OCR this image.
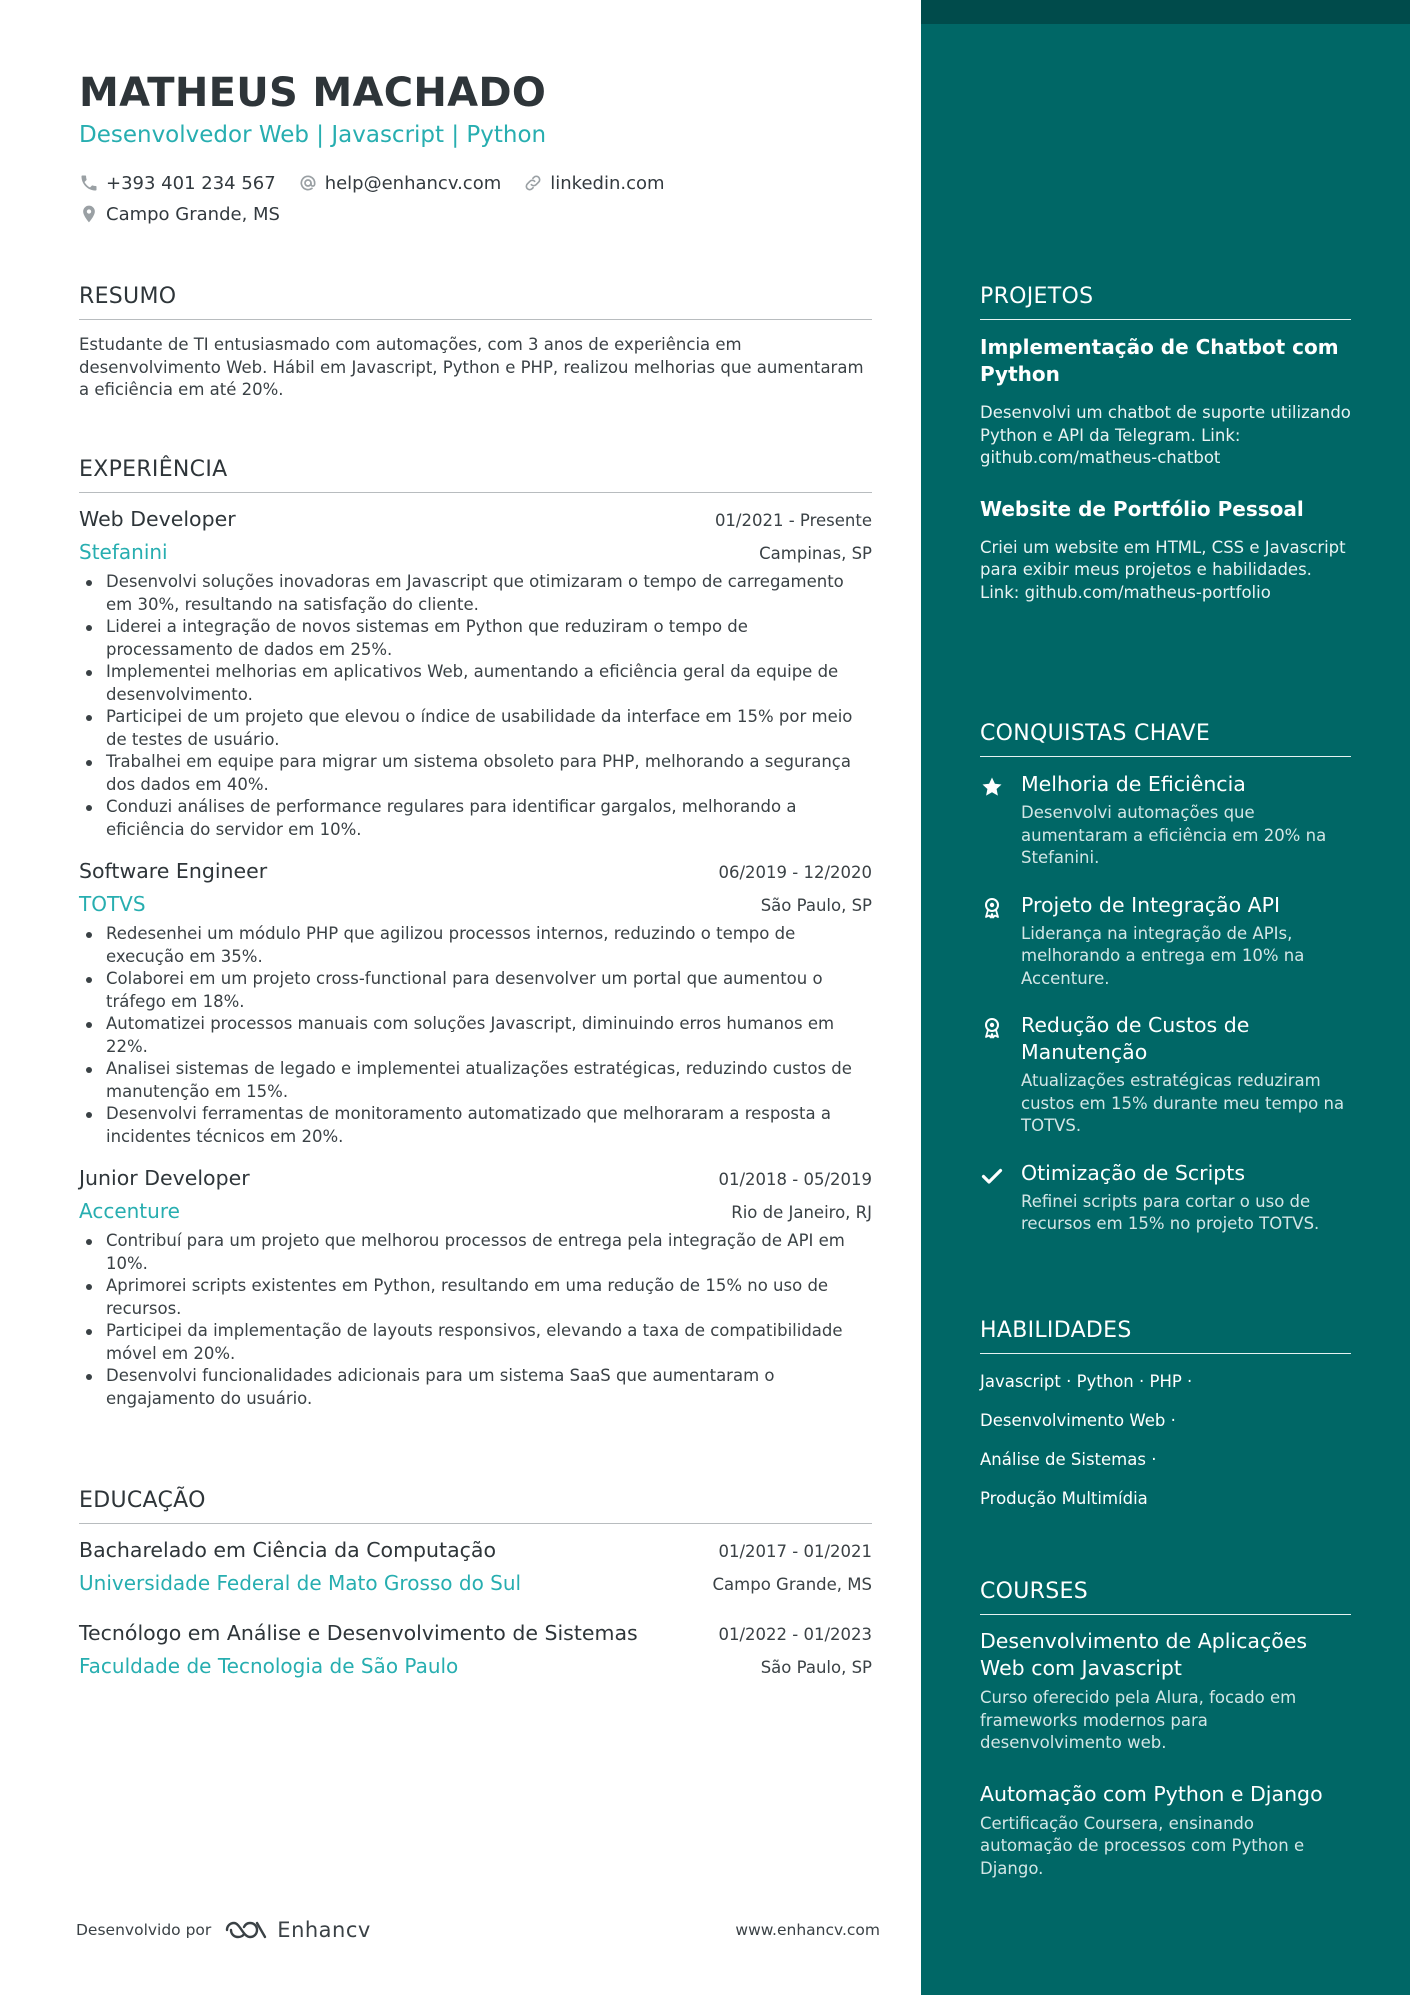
MATHEUS MACHADO
Desenvolvedor Web | Javascript | Python
+393 401 234 567	help@enhancv.com	linkedin.com
Campo Grande, MS
RESUMO
Estudante de TI entusiasmado com automações, com 3 anos de experiência em desenvolvimento Web. Hábil em Javascript, Python e PHP, realizou melhorias que aumentaram a eficiência em até 20%.
EXPERIÊNCIA
Web Developer	01/2021 - Presente
Stefanini	Campinas, SP
Desenvolvi soluções inovadoras em Javascript que otimizaram o tempo de carregamento em 30%, resultando na satisfação do cliente.
Liderei a integração de novos sistemas em Python que reduziram o tempo de processamento de dados em 25%.
Implementei melhorias em aplicativos Web, aumentando a eficiência geral da equipe de desenvolvimento.
Participei de um projeto que elevou o índice de usabilidade da interface em 15% por meio de testes de usuário.
Trabalhei em equipe para migrar um sistema obsoleto para PHP, melhorando a segurança dos dados em 40%.
Conduzi análises de performance regulares para identificar gargalos, melhorando a eficiência do servidor em 10%.
Software Engineer	06/2019 - 12/2020
TOTVS	São Paulo, SP
Redesenhei um módulo PHP que agilizou processos internos, reduzindo o tempo de execução em 35%.
Colaborei em um projeto cross-functional para desenvolver um portal que aumentou o tráfego em 18%.
Automatizei processos manuais com soluções Javascript, diminuindo erros humanos em 22%.
Analisei sistemas de legado e implementei atualizações estratégicas, reduzindo custos de manutenção em 15%.
Desenvolvi ferramentas de monitoramento automatizado que melhoraram a resposta a incidentes técnicos em 20%.
Junior Developer	01/2018 - 05/2019
Accenture	Rio de Janeiro, RJ
Contribuí para um projeto que melhorou processos de entrega pela integração de API em 10%.
Aprimorei scripts existentes em Python, resultando em uma redução de 15% no uso de recursos.
Participei da implementação de layouts responsivos, elevando a taxa de compatibilidade móvel em 20%.
Desenvolvi funcionalidades adicionais para um sistema SaaS que aumentaram o engajamento do usuário.
EDUCAÇÃO
Bacharelado em Ciência da Computação	01/2017 - 01/2021
Universidade Federal de Mato Grosso do Sul	Campo Grande, MS
Tecnólogo em Análise e Desenvolvimento de Sistemas	01/2022 - 01/2023
Faculdade de Tecnologia de São Paulo	São Paulo, SP
Desenvolvido por	Enhancv	www.enhancv.com
PROJETOS
Implementação de Chatbot com Python
Desenvolvi um chatbot de suporte utilizando Python e API da Telegram. Link: github.com/matheus-chatbot
Website de Portfólio Pessoal
Criei um website em HTML, CSS e Javascript para exibir meus projetos e habilidades. Link: github.com/matheus-portfolio
CONQUISTAS CHAVE
Melhoria de Eficiência
Desenvolvi automações que aumentaram a eficiência em 20% na Stefanini.
Projeto de Integração API
Liderança na integração de APIs, melhorando a entrega em 10% na Accenture.
Redução de Custos de Manutenção
Atualizações estratégicas reduziram custos em 15% durante meu tempo na TOTVS.
Otimização de Scripts
Refinei scripts para cortar o uso de recursos em 15% no projeto TOTVS.
HABILIDADES
Javascript · Python · PHP ·
Desenvolvimento Web ·
Análise de Sistemas ·
Produção Multimídia
COURSES
Desenvolvimento de Aplicações Web com Javascript
Curso oferecido pela Alura, focado em frameworks modernos para desenvolvimento web.
Automação com Python e Django
Certificação Coursera, ensinando automação de processos com Python e Django.
